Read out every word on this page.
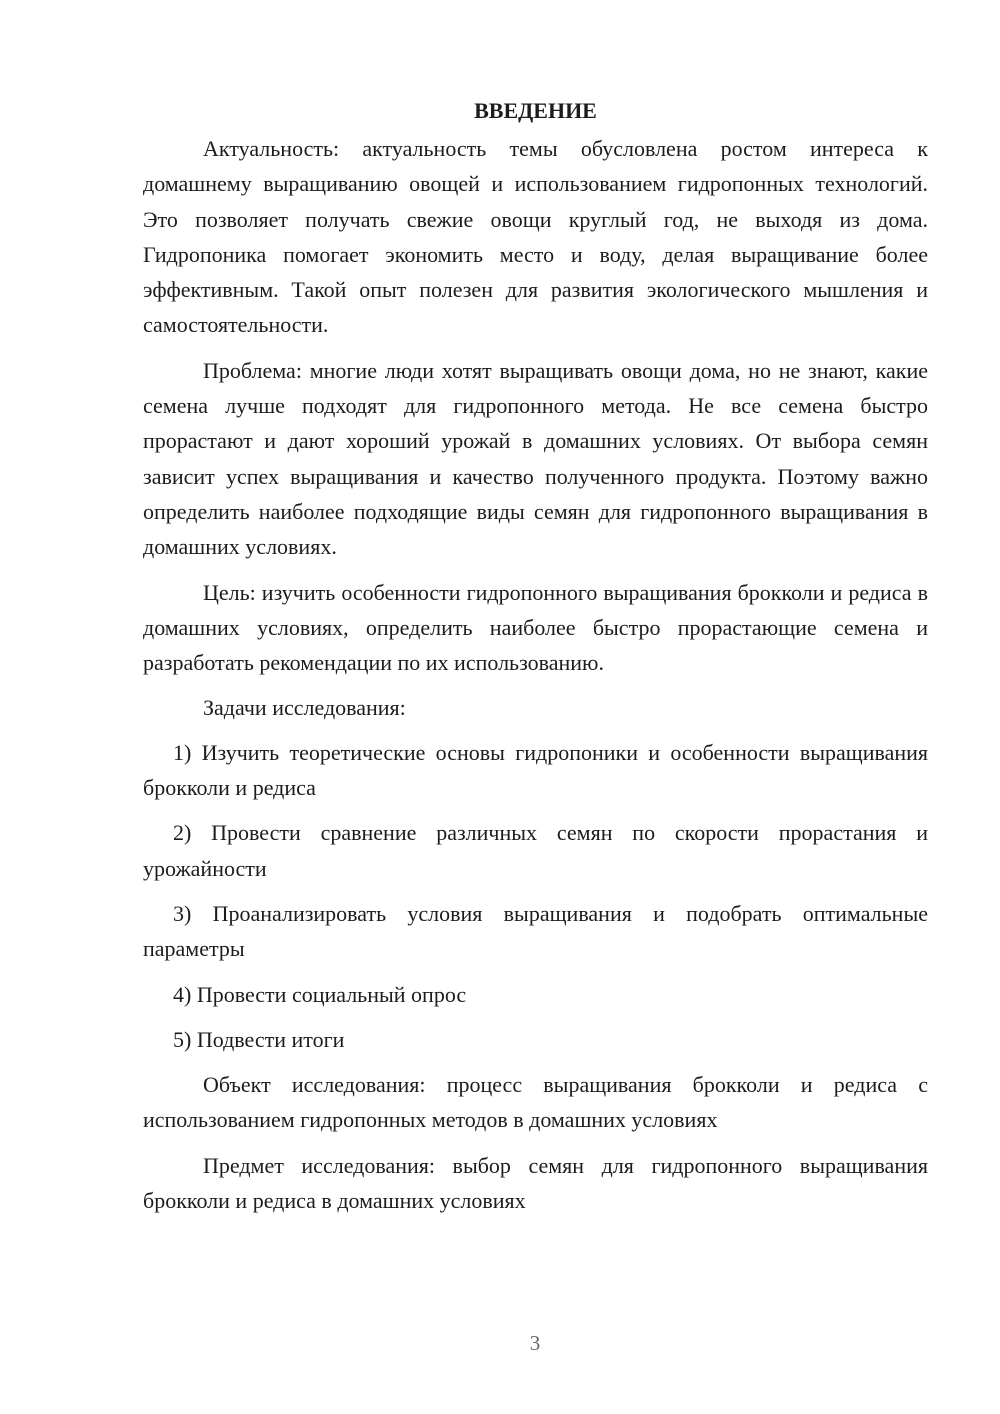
ВВЕДЕНИЕ

Актуальность: актуальность темы обусловлена ростом интереса к домашнему выращиванию овощей и использованием гидропонных технологий. Это позволяет получать свежие овощи круглый год, не выходя из дома. Гидропоника помогает экономить место и воду, делая выращивание более эффективным. Такой опыт полезен для развития экологического мышления и самостоятельности.

Проблема: многие люди хотят выращивать овощи дома, но не знают, какие семена лучше подходят для гидропонного метода. Не все семена быстро прорастают и дают хороший урожай в домашних условиях. От выбора семян зависит успех выращивания и качество полученного продукта. Поэтому важно определить наиболее подходящие виды семян для гидропонного выращивания в домашних условиях.

Цель: изучить особенности гидропонного выращивания брокколи и редиса в домашних условиях, определить наиболее быстро прорастающие семена и разработать рекомендации по их использованию.

Задачи исследования:

1) Изучить теоретические основы гидропоники и особенности выращивания брокколи и редиса

2) Провести сравнение различных семян по скорости прорастания и урожайности

3) Проанализировать условия выращивания и подобрать оптимальные параметры

4) Провести социальный опрос

5) Подвести итоги

Объект исследования: процесс выращивания брокколи и редиса с использованием гидропонных методов в домашних условиях

Предмет исследования: выбор семян для гидропонного выращивания брокколи и редиса в домашних условиях

3
